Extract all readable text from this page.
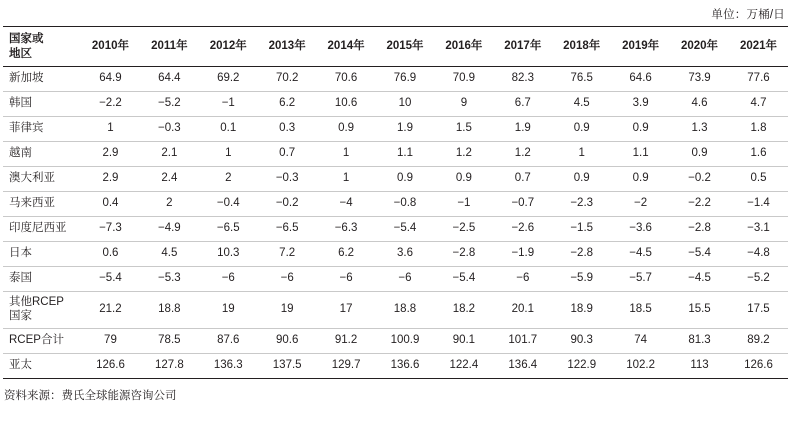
单位：万桶/日
国家或
地区	2010年	2011年	2012年	2013年	2014年	2015年	2016年	2017年	2018年	2019年	2020年	2021年
新加坡	64.9	64.4	69.2	70.2	70.6	76.9	70.9	82.3	76.5	64.6	73.9	77.6
韩国	−2.2	−5.2	−1	6.2	10.6	10	9	6.7	4.5	3.9	4.6	4.7
菲律宾	1	−0.3	0.1	0.3	0.9	1.9	1.5	1.9	0.9	0.9	1.3	1.8
越南	2.9	2.1	1	0.7	1	1.1	1.2	1.2	1	1.1	0.9	1.6
澳大利亚	2.9	2.4	2	−0.3	1	0.9	0.9	0.7	0.9	0.9	−0.2	0.5
马来西亚	0.4	2	−0.4	−0.2	−4	−0.8	−1	−0.7	−2.3	−2	−2.2	−1.4
印度尼西亚	−7.3	−4.9	−6.5	−6.5	−6.3	−5.4	−2.5	−2.6	−1.5	−3.6	−2.8	−3.1
日本	0.6	4.5	10.3	7.2	6.2	3.6	−2.8	−1.9	−2.8	−4.5	−5.4	−4.8
泰国	−5.4	−5.3	−6	−6	−6	−6	−5.4	−6	−5.9	−5.7	−4.5	−5.2

其他RCEP
国家	21.2	18.8	19	19	17	18.8	18.2	20.1	18.9	18.5	15.5	17.5
RCEP合计	79	78.5	87.6	90.6	91.2	100.9	90.1	101.7	90.3	74	81.3	89.2
亚太	126.6	127.8	136.3	137.5	129.7	136.6	122.4	136.4	122.9	102.2	113	126.6
资料来源：费氏全球能源咨询公司
